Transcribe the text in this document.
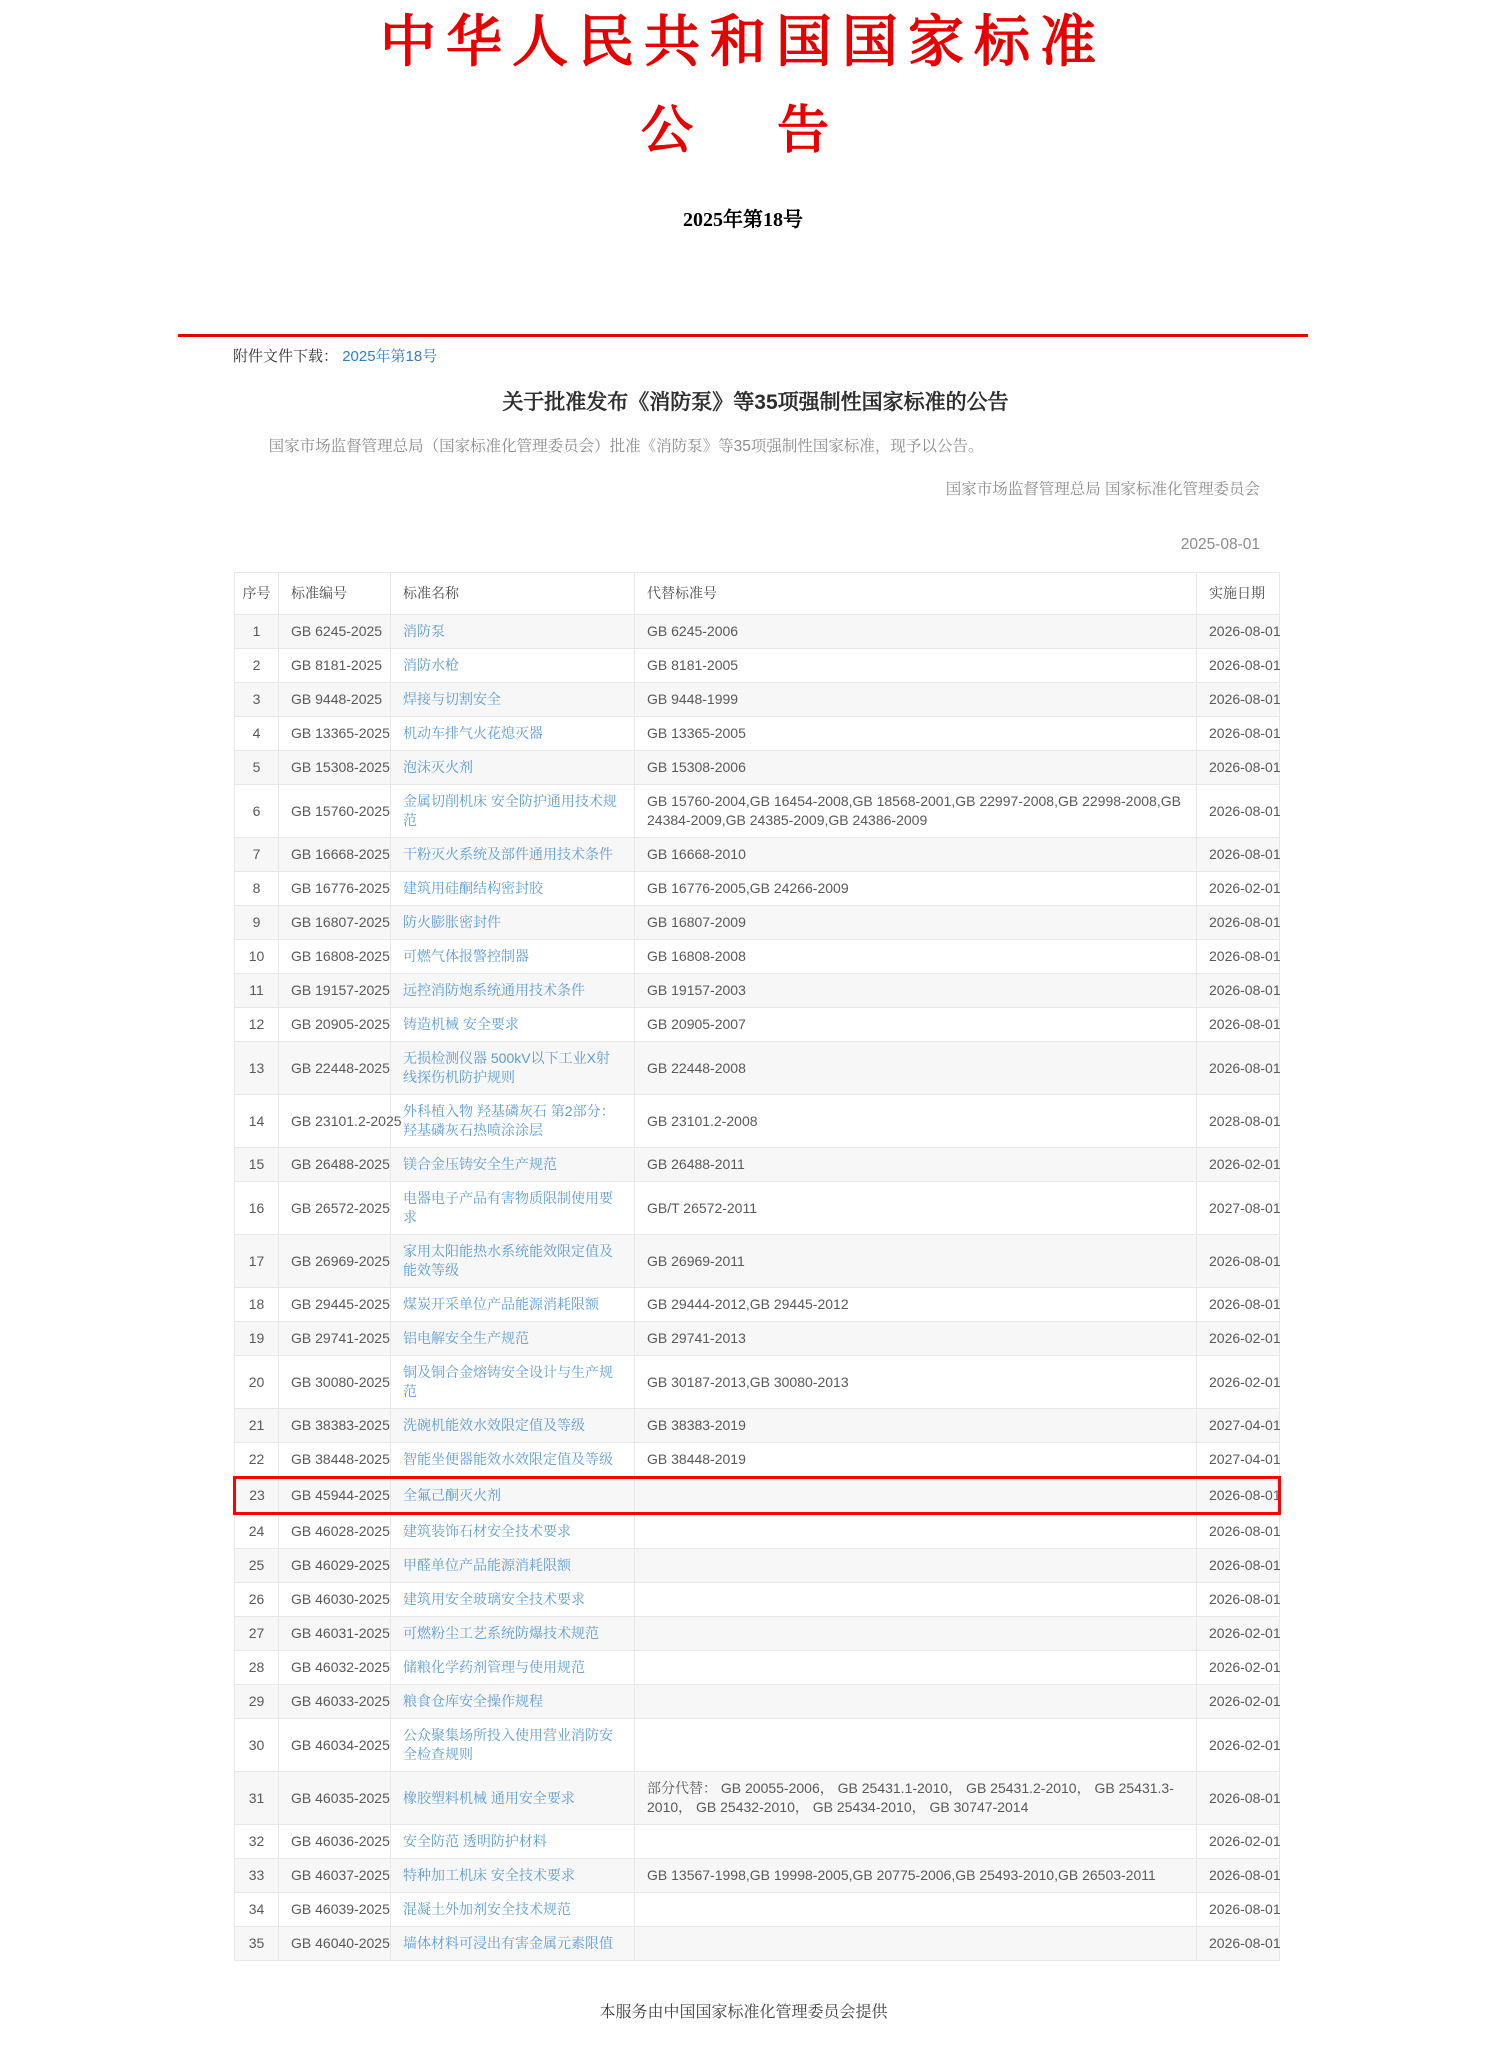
中华人民共和国国家标准
公　告
2025年第18号
附件文件下载： 2025年第18号
关于批准发布《消防泵》等35项强制性国家标准的公告
国家市场监督管理总局（国家标准化管理委员会）批准《消防泵》等35项强制性国家标准，现予以公告。
国家市场监督管理总局 国家标准化管理委员会
2025-08-01
序号	标准编号	标准名称	代替标准号	实施日期
1	GB 6245-2025	消防泵	GB 6245-2006	2026-08-01
2	GB 8181-2025	消防水枪	GB 8181-2005	2026-08-01
3	GB 9448-2025	焊接与切割安全	GB 9448-1999	2026-08-01
4	GB 13365-2025	机动车排气火花熄灭器	GB 13365-2005	2026-08-01
5	GB 15308-2025	泡沫灭火剂	GB 15308-2006	2026-08-01
6	GB 15760-2025	金属切削机床 安全防护通用技术规范	GB 15760-2004,GB 16454-2008,GB 18568-2001,GB 22997-2008,GB 22998-2008,GB 24384-2009,GB 24385-2009,GB 24386-2009	2026-08-01
7	GB 16668-2025	干粉灭火系统及部件通用技术条件	GB 16668-2010	2026-08-01
8	GB 16776-2025	建筑用硅酮结构密封胶	GB 16776-2005,GB 24266-2009	2026-02-01
9	GB 16807-2025	防火膨胀密封件	GB 16807-2009	2026-08-01
10	GB 16808-2025	可燃气体报警控制器	GB 16808-2008	2026-08-01
11	GB 19157-2025	远控消防炮系统通用技术条件	GB 19157-2003	2026-08-01
12	GB 20905-2025	铸造机械 安全要求	GB 20905-2007	2026-08-01
13	GB 22448-2025	无损检测仪器 500kV以下工业X射线探伤机防护规则	GB 22448-2008	2026-08-01
14	GB 23101.2-2025	外科植入物 羟基磷灰石 第2部分：羟基磷灰石热喷涂涂层	GB 23101.2-2008	2028-08-01
15	GB 26488-2025	镁合金压铸安全生产规范	GB 26488-2011	2026-02-01
16	GB 26572-2025	电器电子产品有害物质限制使用要求	GB/T 26572-2011	2027-08-01
17	GB 26969-2025	家用太阳能热水系统能效限定值及能效等级	GB 26969-2011	2026-08-01
18	GB 29445-2025	煤炭开采单位产品能源消耗限额	GB 29444-2012,GB 29445-2012	2026-08-01
19	GB 29741-2025	铝电解安全生产规范	GB 29741-2013	2026-02-01
20	GB 30080-2025	铜及铜合金熔铸安全设计与生产规范	GB 30187-2013,GB 30080-2013	2026-02-01
21	GB 38383-2025	洗碗机能效水效限定值及等级	GB 38383-2019	2027-04-01
22	GB 38448-2025	智能坐便器能效水效限定值及等级	GB 38448-2019	2027-04-01
23	GB 45944-2025	全氟己酮灭火剂		2026-08-01
24	GB 46028-2025	建筑装饰石材安全技术要求		2026-08-01
25	GB 46029-2025	甲醛单位产品能源消耗限额		2026-08-01
26	GB 46030-2025	建筑用安全玻璃安全技术要求		2026-08-01
27	GB 46031-2025	可燃粉尘工艺系统防爆技术规范		2026-02-01
28	GB 46032-2025	储粮化学药剂管理与使用规范		2026-02-01
29	GB 46033-2025	粮食仓库安全操作规程		2026-02-01
30	GB 46034-2025	公众聚集场所投入使用营业消防安全检查规则		2026-02-01
31	GB 46035-2025	橡胶塑料机械 通用安全要求	部分代替： GB 20055-2006， GB 25431.1-2010， GB 25431.2-2010， GB 25431.3-2010， GB 25432-2010， GB 25434-2010， GB 30747-2014	2026-08-01
32	GB 46036-2025	安全防范 透明防护材料		2026-02-01
33	GB 46037-2025	特种加工机床 安全技术要求	GB 13567-1998,GB 19998-2005,GB 20775-2006,GB 25493-2010,GB 26503-2011	2026-08-01
34	GB 46039-2025	混凝土外加剂安全技术规范		2026-08-01
35	GB 46040-2025	墙体材料可浸出有害金属元素限值		2026-08-01
本服务由中国国家标准化管理委员会提供
